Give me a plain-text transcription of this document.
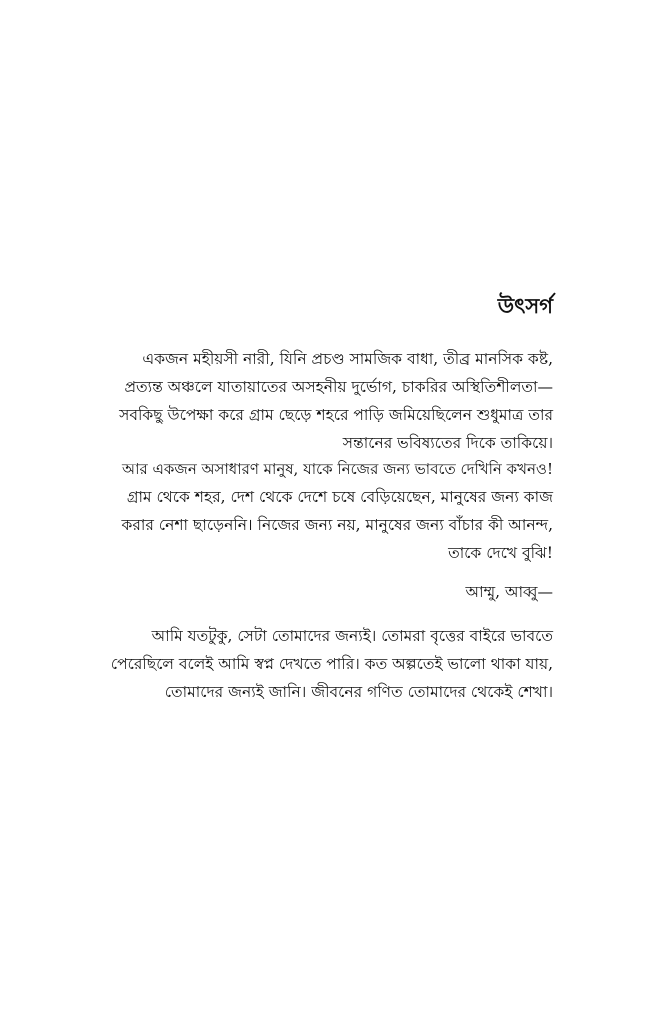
উৎসর্গ

একজন মহীয়সী নারী, যিনি প্রচণ্ড সামজিক বাধা, তীব্র মানসিক কষ্ট,
প্রত্যন্ত অঞ্চলে যাতায়াতের অসহনীয় দুর্ভোগ, চাকরির অস্থিতিশীলতা—
সবকিছু উপেক্ষা করে গ্রাম ছেড়ে শহরে পাড়ি জমিয়েছিলেন শুধুমাত্র তার
সন্তানের ভবিষ্যতের দিকে তাকিয়ে।

আর একজন অসাধারণ মানুষ, যাকে নিজের জন্য ভাবতে দেখিনি কখনও!
গ্রাম থেকে শহর, দেশ থেকে দেশে চষে বেড়িয়েছেন, মানুষের জন্য কাজ
করার নেশা ছাড়েননি। নিজের জন্য নয়, মানুষের জন্য বাঁচার কী আনন্দ,
তাকে দেখে বুঝি!

আম্মু, আব্বু—

আমি যতটুকু, সেটা তোমাদের জন্যই। তোমরা বৃত্তের বাইরে ভাবতে
পেরেছিলে বলেই আমি স্বপ্ন দেখতে পারি। কত অল্পতেই ভালো থাকা যায়,
তোমাদের জন্যই জানি। জীবনের গণিত তোমাদের থেকেই শেখা।
